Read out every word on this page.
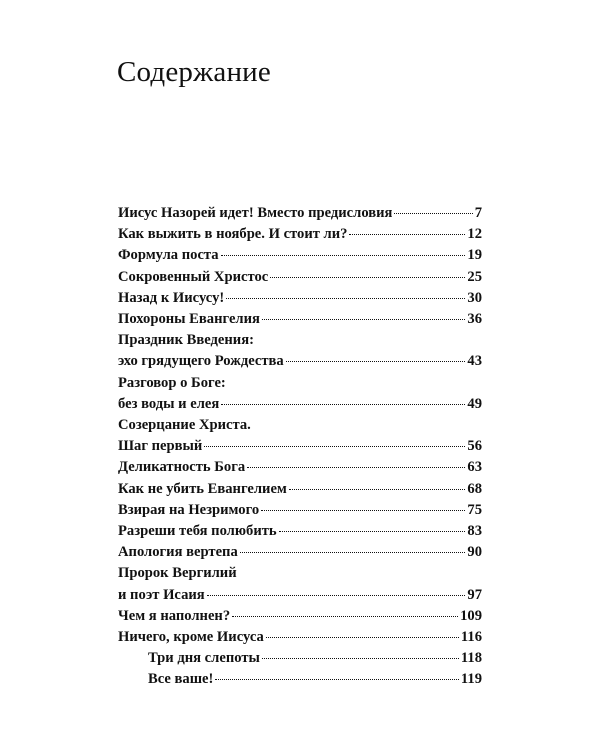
Содержание
Иисус Назорей идет! Вместо предисловия	7
Как выжить в ноябре. И стоит ли?	12
Формула поста	19
Сокровенный Христос	25
Назад к Иисусу!	30
Похороны Евангелия	36
Праздник Введения:
эхо грядущего Рождества	43
Разговор о Боге:
без воды и елея	49
Созерцание Христа.
Шаг первый	56
Деликатность Бога	63
Как не убить Евангелием	68
Взирая на Незримого	75
Разреши тебя полюбить	83
Апология вертепа	90
Пророк Вергилий
и поэт Исаия	97
Чем я наполнен?	109
Ничего, кроме Иисуса	116
Три дня слепоты	118
Все ваше!	119
